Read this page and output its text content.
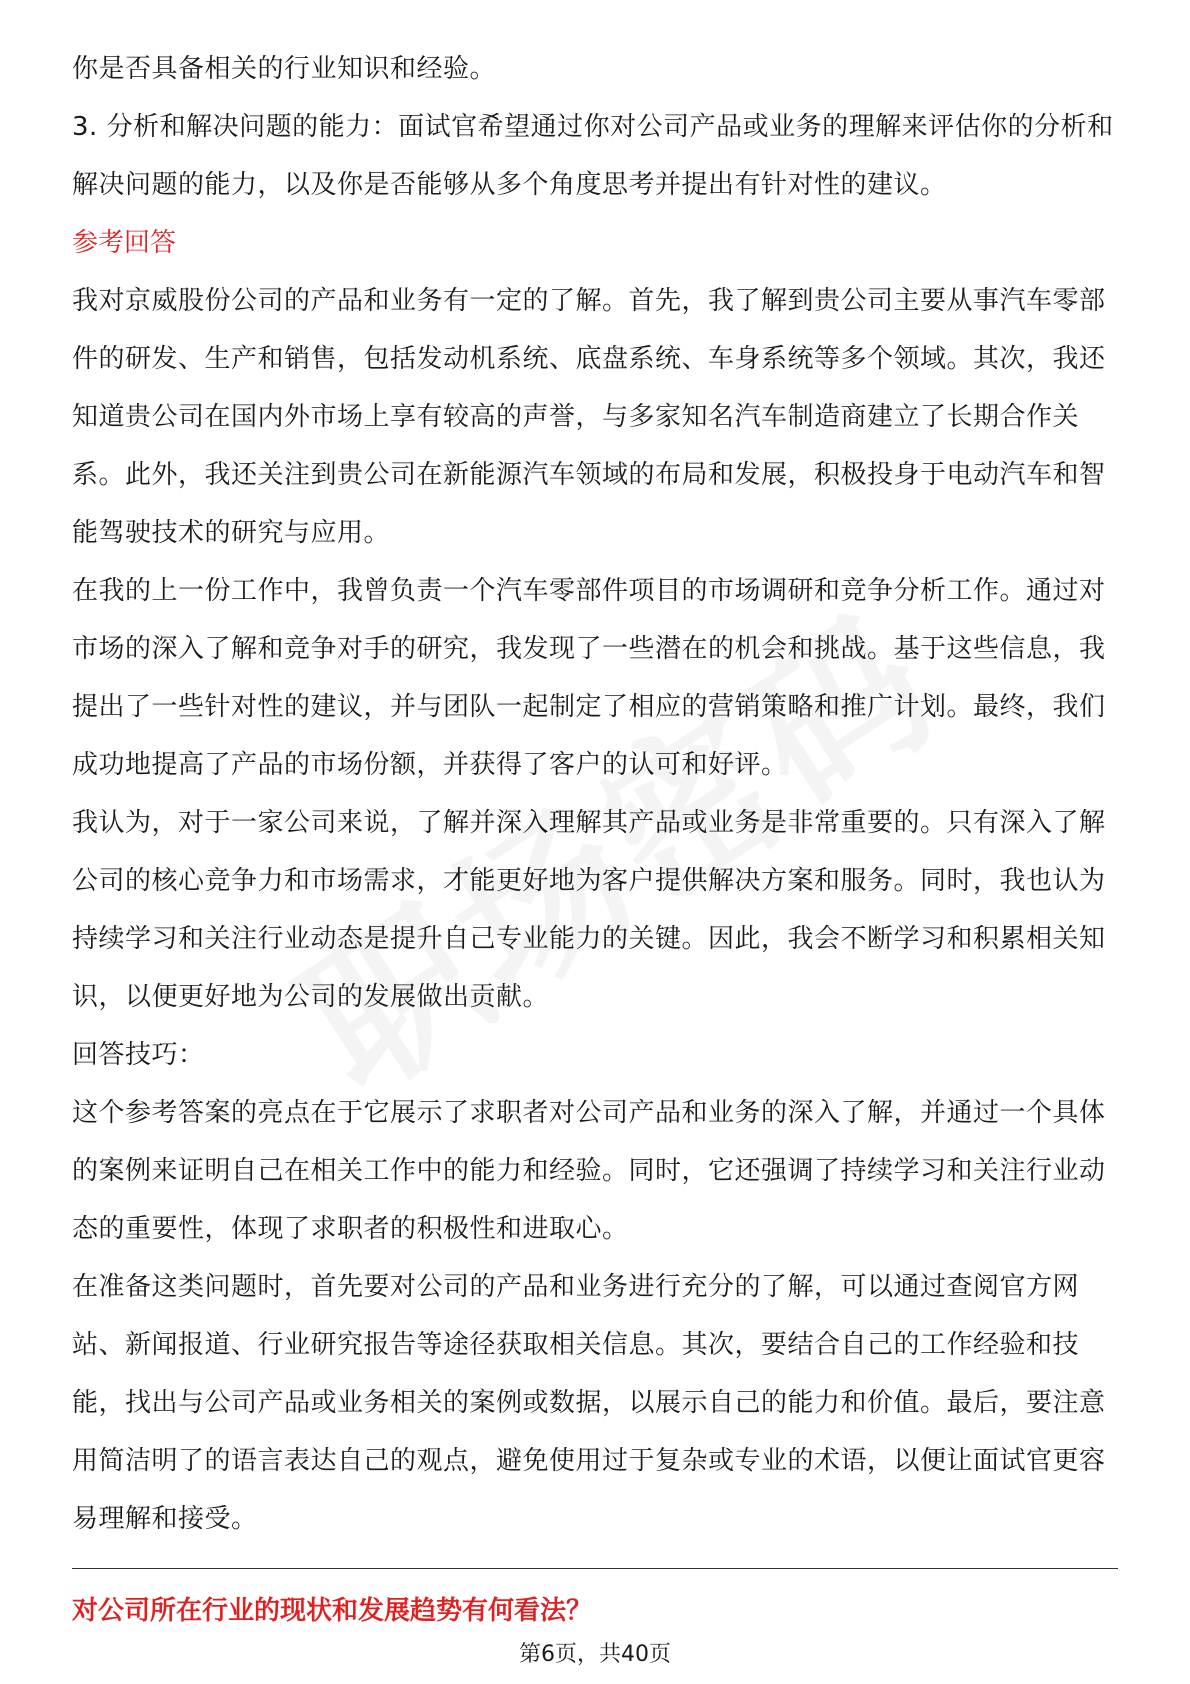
你是否具备相关的行业知识和经验。

3. 分析和解决问题的能力：面试官希望通过你对公司产品或业务的理解来评估你的分析和解决问题的能力，以及你是否能够从多个角度思考并提出有针对性的建议。

参考回答

我对京威股份公司的产品和业务有一定的了解。首先，我了解到贵公司主要从事汽车零部件的研发、生产和销售，包括发动机系统、底盘系统、车身系统等多个领域。其次，我还知道贵公司在国内外市场上享有较高的声誉，与多家知名汽车制造商建立了长期合作关系。此外，我还关注到贵公司在新能源汽车领域的布局和发展，积极投身于电动汽车和智能驾驶技术的研究与应用。

在我的上一份工作中，我曾负责一个汽车零部件项目的市场调研和竞争分析工作。通过对市场的深入了解和竞争对手的研究，我发现了一些潜在的机会和挑战。基于这些信息，我提出了一些针对性的建议，并与团队一起制定了相应的营销策略和推广计划。最终，我们成功地提高了产品的市场份额，并获得了客户的认可和好评。

我认为，对于一家公司来说，了解并深入理解其产品或业务是非常重要的。只有深入了解公司的核心竞争力和市场需求，才能更好地为客户提供解决方案和服务。同时，我也认为持续学习和关注行业动态是提升自己专业能力的关键。因此，我会不断学习和积累相关知识，以便更好地为公司的发展做出贡献。

回答技巧：

这个参考答案的亮点在于它展示了求职者对公司产品和业务的深入了解，并通过一个具体的案例来证明自己在相关工作中的能力和经验。同时，它还强调了持续学习和关注行业动态的重要性，体现了求职者的积极性和进取心。

在准备这类问题时，首先要对公司的产品和业务进行充分的了解，可以通过查阅官方网站、新闻报道、行业研究报告等途径获取相关信息。其次，要结合自己的工作经验和技能，找出与公司产品或业务相关的案例或数据，以展示自己的能力和价值。最后，要注意用简洁明了的语言表达自己的观点，避免使用过于复杂或专业的术语，以便让面试官更容易理解和接受。

对公司所在行业的现状和发展趋势有何看法？

第6页，共40页
